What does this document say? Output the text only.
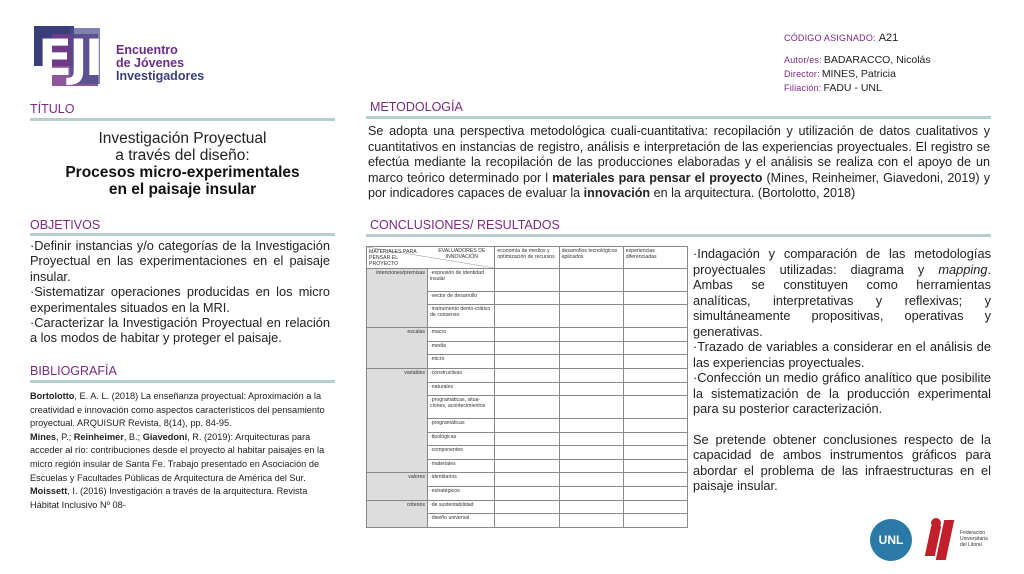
EJI Encuentro
de Jóvenes
Investigadores
CÓDIGO ASIGNADO: A21
Autor/es: BADARACCO, Nicolás
Director: MINES, Patricia
Filiación: FADU - UNL
TÍTULO
OBJETIVOS
BIBLIOGRAFÍA
METODOLOGÍA
CONCLUSIONES/ RESULTADOS
Investigación Proyectual
a través del diseño:
Procesos micro-experimentales
en el paisaje insular
·Definir instancias y/o categorías de la Investigación Proyectual en las experimentaciones en el paisaje insular.
·Sistematizar operaciones producidas en los micro experimentales situados en la MRI.
·Caracterizar la Investigación Proyectual en relación a los modos de habitar y proteger el paisaje.
Bortolotto, E. A. L. (2018) La enseñanza proyectual: Aproximación a la creatividad e innovación como aspectos característicos del pensamiento proyectual. ARQUISUR Revista, 8(14), pp. 84-95.
Mines, P.; Reinheimer, B.; Giavedoni, R. (2019): Arquitecturas para acceder al río: contribuciones desde el proyecto al habitar paisajes en la micro región insular de Santa Fe. Trabajo presentado en Asociación de Escuelas y Facultades Públicas de Arquitectura de América del Sur.
Moissett, I. (2016) Investigación a través de la arquitectura. Revista Hábitat Inclusivo Nº 08-
Se adopta una perspectiva metodológica cuali-cuantitativa: recopilación y utilización de datos cualitativos y cuantitativos en instancias de registro, análisis e interpretación de las experiencias proyectuales. El registro se efectúa mediante la recopilación de las producciones elaboradas y el análisis se realiza con el apoyo de un marco teórico determinado por l materiales para pensar el proyecto (Mines, Reinheimer, Giavedoni, 2019) y por indicadores capaces de evaluar la innovación en la arquitectura. (Bortolotto, 2018)
EVALUADORES DE INNOVACIÓN
MATERIALES PARA PENSAR EL PROYECTO		economía de medios y optimización de recursos	desarrollos tecnológicos aplicados	experiencias diferenciadas
intenciones/premisas	·expresión de identidad insular			
	·vector de desarrollo			
	·instrumento demo-crático de consenso			
escalas	·macro			
	·media			
	·micro			
variables	·constructivas			
	·naturales			
	·programáticas, situa-ciones, acontecimientos			
	·programáticas			
	·tipológicas			
	·componentes			
	·materiales			
valores	·identitarios			
	·estratégicos			
criterios	·de sustentabilidad			
	·diseño universal			
·Indagación y comparación de las metodologías proyectuales utilizadas: diagrama y mapping. Ambas se constituyen como herramientas analíticas, interpretativas y reflexivas; y simultáneamente propositivas, operativas y generativas.
·Trazado de variables a considerar en el análisis de las experiencias proyectuales.
·Confección un medio gráfico analítico que posibilite la sistematización de la producción experimental para su posterior caracterización.
Se pretende obtener conclusiones respecto de la capacidad de ambos instrumentos gráficos para abordar el problema de las infraestructuras en el paisaje insular.
UNL	Federación
Universitaria
del Litoral
